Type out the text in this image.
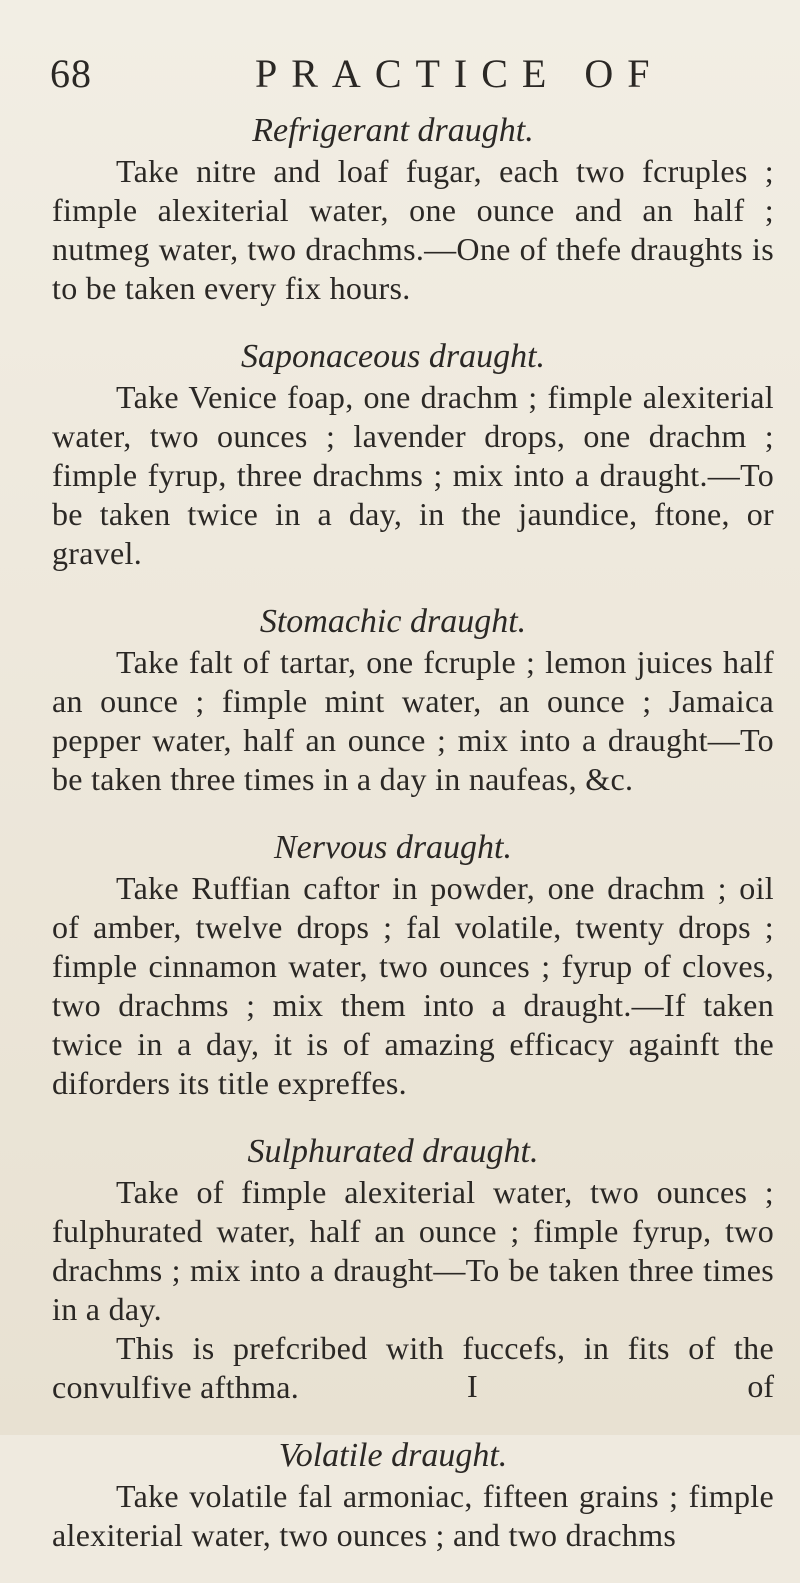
68	PRACTICE OF

Refrigerant draught.

Take nitre and loaf fugar, each two fcruples ; fimple alexiterial water, one ounce and an half ; nutmeg water, two drachms.—One of thefe draughts is to be taken every fix hours.

Saponaceous draught.

Take Venice foap, one drachm ; fimple alexiterial water, two ounces ; lavender drops, one drachm ; fimple fyrup, three drachms ; mix into a draught.—To be taken twice in a day, in the jaundice, ftone, or gravel.

Stomachic draught.

Take falt of tartar, one fcruple ; lemon juices half an ounce ; fimple mint water, an ounce ; Jamaica pepper water, half an ounce ; mix into a draught—To be taken three times in a day in naufeas, &c.

Nervous draught.

Take Ruffian caftor in powder, one drachm ; oil of amber, twelve drops ; fal volatile, twenty drops ; fimple cinnamon water, two ounces ; fyrup of cloves, two drachms ; mix them into a draught.—If taken twice in a day, it is of amazing efficacy againft the diforders its title expreffes.

Sulphurated draught.

Take of fimple alexiterial water, two ounces ; fulphurated water, half an ounce ; fimple fyrup, two drachms ; mix into a draught—To be taken three times in a day.

This is prefcribed with fuccefs, in fits of the convulfive afthma.

Volatile draught.

Take volatile fal armoniac, fifteen grains ; fimple alexiterial water, two ounces ; and two drachms

I	of
